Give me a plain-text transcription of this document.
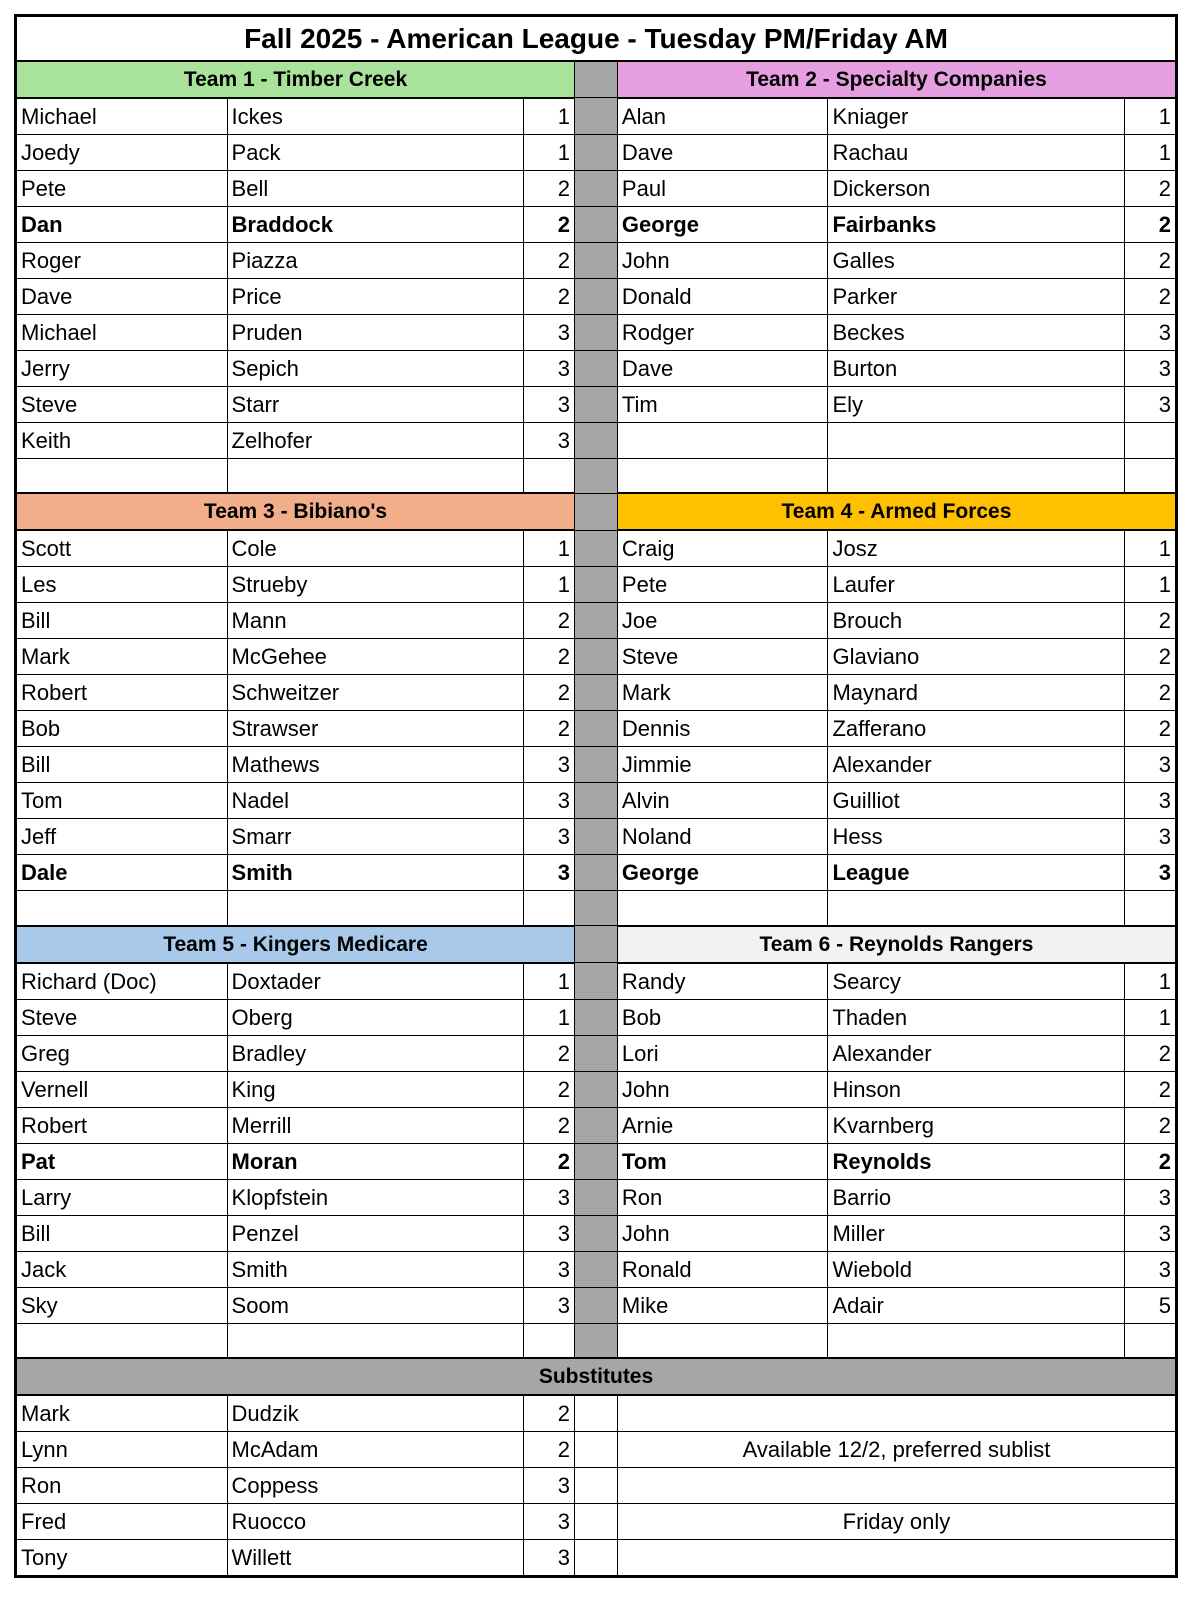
Fall 2025 - American League - Tuesday PM/Friday AM						
Team 1 - Timber Creek				Team 2 - Specialty Companies		
Michael	Ickes	1		Alan	Kniager	1
Joedy	Pack	1		Dave	Rachau	1
Pete	Bell	2		Paul	Dickerson	2
Dan	Braddock	2		George	Fairbanks	2
Roger	Piazza	2		John	Galles	2
Dave	Price	2		Donald	Parker	2
Michael	Pruden	3		Rodger	Beckes	3
Jerry	Sepich	3		Dave	Burton	3
Steve	Starr	3		Tim	Ely	3
Keith	Zelhofer	3				

Team 3 - Bibiano's				Team 4 - Armed Forces		
Scott	Cole	1		Craig	Josz	1
Les	Strueby	1		Pete	Laufer	1
Bill	Mann	2		Joe	Brouch	2
Mark	McGehee	2		Steve	Glaviano	2
Robert	Schweitzer	2		Mark	Maynard	2
Bob	Strawser	2		Dennis	Zafferano	2
Bill	Mathews	3		Jimmie	Alexander	3
Tom	Nadel	3		Alvin	Guilliot	3
Jeff	Smarr	3		Noland	Hess	3
Dale	Smith	3		George	League	3

Team 5 - Kingers Medicare				Team 6 - Reynolds Rangers		
Richard (Doc)	Doxtader	1		Randy	Searcy	1
Steve	Oberg	1		Bob	Thaden	1
Greg	Bradley	2		Lori	Alexander	2
Vernell	King	2		John	Hinson	2
Robert	Merrill	2		Arnie	Kvarnberg	2
Pat	Moran	2		Tom	Reynolds	2
Larry	Klopfstein	3		Ron	Barrio	3
Bill	Penzel	3		John	Miller	3
Jack	Smith	3		Ronald	Wiebold	3
Sky	Soom	3		Mike	Adair	5

Substitutes						
Mark	Dudzik	2				
Lynn	McAdam	2		Available 12/2, preferred sublist		
Ron	Coppess	3				
Fred	Ruocco	3		Friday only		
Tony	Willett	3				
